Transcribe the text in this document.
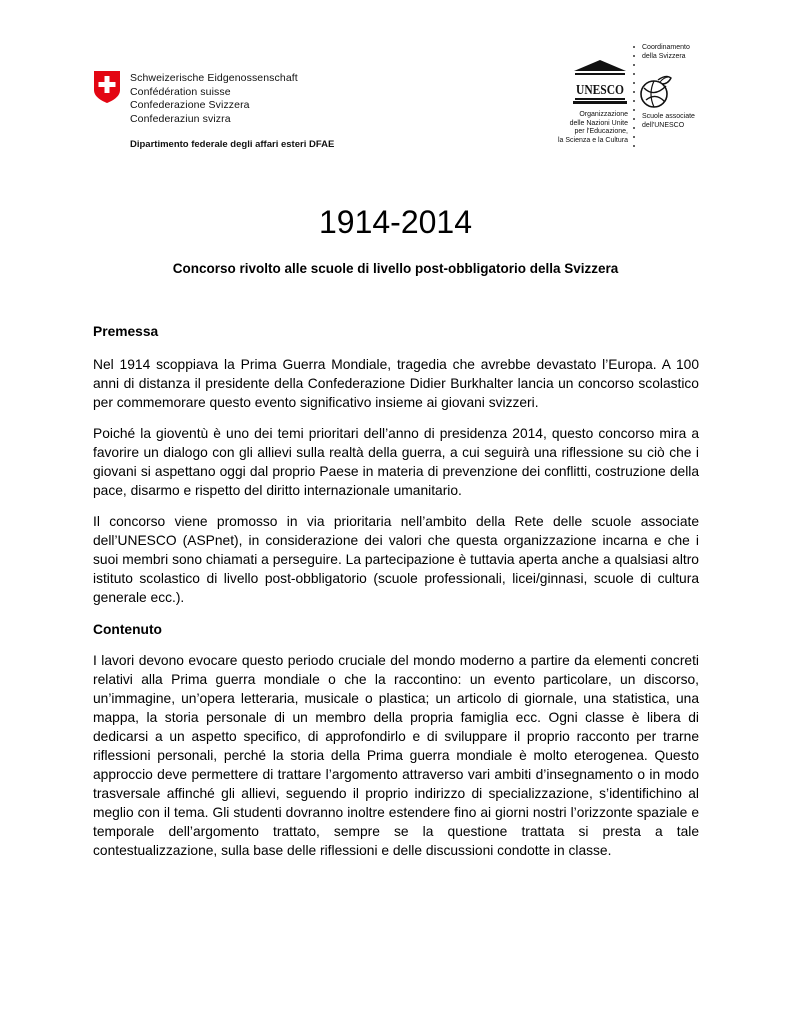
Schweizerische Eidgenossenschaft
Confédération suisse
Confederazione Svizzera
Confederaziun svizra
Dipartimento federale degli affari esteri DFAE
UNESCO
Organizzazione
delle Nazioni Unite
per l'Educazione,
la Scienza e la Cultura
Coordinamento
della Svizzera
Scuole associate
dell'UNESCO
1914-2014
Concorso rivolto alle scuole di livello post-obbligatorio della Svizzera
Premessa
Nel 1914 scoppiava la Prima Guerra Mondiale, tragedia che avrebbe devastato l’Europa. A 100 anni di distanza il presidente della Confederazione Didier Burkhalter lancia un concorso scolastico per commemorare questo evento significativo insieme ai giovani svizzeri.
Poiché la gioventù è uno dei temi prioritari dell’anno di presidenza 2014, questo concorso mira a favorire un dialogo con gli allievi sulla realtà della guerra, a cui seguirà una riflessione su ciò che i giovani si aspettano oggi dal proprio Paese in materia di prevenzione dei conflitti, costruzione della pace, disarmo e rispetto del diritto internazionale umanitario.
Il concorso viene promosso in via prioritaria nell’ambito della Rete delle scuole associate dell’UNESCO (ASPnet), in considerazione dei valori che questa organizzazione incarna e che i suoi membri sono chiamati a perseguire. La partecipazione è tuttavia aperta anche a qualsiasi altro istituto scolastico di livello post-obbligatorio (scuole professionali, licei/ginnasi, scuole di cultura generale ecc.).
Contenuto
I lavori devono evocare questo periodo cruciale del mondo moderno a partire da elementi concreti relativi alla Prima guerra mondiale o che la raccontino: un evento particolare, un discorso, un’immagine, un’opera letteraria, musicale o plastica; un articolo di giornale, una statistica, una mappa, la storia personale di un membro della propria famiglia ecc. Ogni classe è libera di dedicarsi a un aspetto specifico, di approfondirlo e di sviluppare il proprio racconto per trarne riflessioni personali, perché la storia della Prima guerra mondiale è molto eterogenea. Questo approccio deve permettere di trattare l’argomento attraverso vari ambiti d’insegnamento o in modo trasversale affinché gli allievi, seguendo il proprio indirizzo di specializzazione, s’identifichino al meglio con il tema. Gli studenti dovranno inoltre estendere fino ai giorni nostri l’orizzonte spaziale e temporale dell’argomento trattato, sempre se la questione trattata si presta a tale contestualizzazione, sulla base delle riflessioni e delle discussioni condotte in classe.
